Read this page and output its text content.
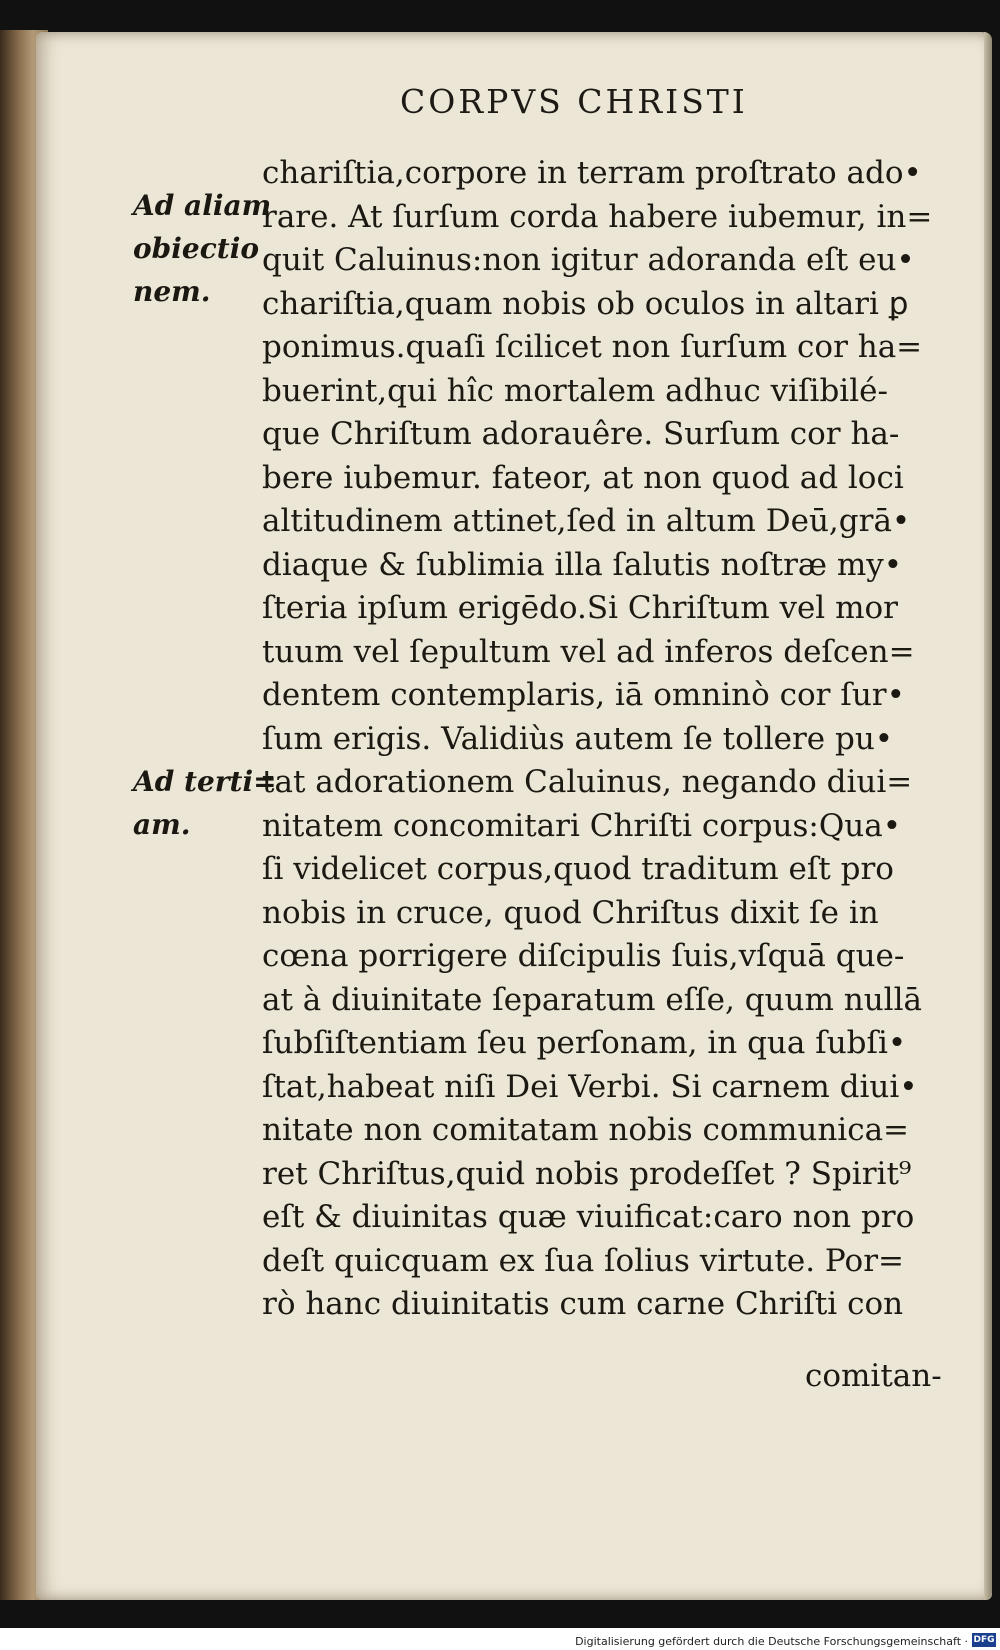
CORPVS CHRISTI
Ad aliam
obiectio
nem.
Ad terti=
am.
chariſtia,corpore in terram proſtrato ado•
rare. At ſurſum corda habere iubemur, in=
quit Caluinus:non igitur adoranda eſt eu•
chariſtia,quam nobis ob oculos in altari ꝑ
ponimus.quaſi ſcilicet non ſurſum cor ha=
buerint,qui hîc mortalem adhuc viſibilé-
que Chriſtum adorauêre. Surſum cor ha-
bere iubemur. fateor, at non quod ad loci
altitudinem attinet,ſed in altum Deū,grā•
diaque & ſublimia illa ſalutis noſtræ my•
ſteria ipſum erigēdo.Si Chriſtum vel mor
tuum vel ſepultum vel ad inferos deſcen=
dentem contemplaris, iā omninò cor ſur•
ſum erigis. Validiùs autem ſe tollere pu•
tat adorationem Caluinus, negando diui=
nitatem concomitari Chriſti corpus:Qua•
ſi videlicet corpus,quod traditum eſt pro
nobis in cruce, quod Chriſtus dixit ſe in
cœna porrigere diſcipulis ſuis,vſquā que-
at à diuinitate ſeparatum eſſe, quum nullā
ſubſiſtentiam ſeu perſonam, in qua ſubſi•
ſtat,habeat niſi Dei Verbi. Si carnem diui•
nitate non comitatam nobis communica=
ret Chriſtus,quid nobis prodeſſet ? Spirit⁹
eſt & diuinitas quæ viuificat:caro non pro
deſt quicquam ex ſua ſolius virtute. Por=
rò hanc diuinitatis cum carne Chriſti con
comitan-
Digitalisierung gefördert durch die Deutsche Forschungsgemeinschaft · DFG
